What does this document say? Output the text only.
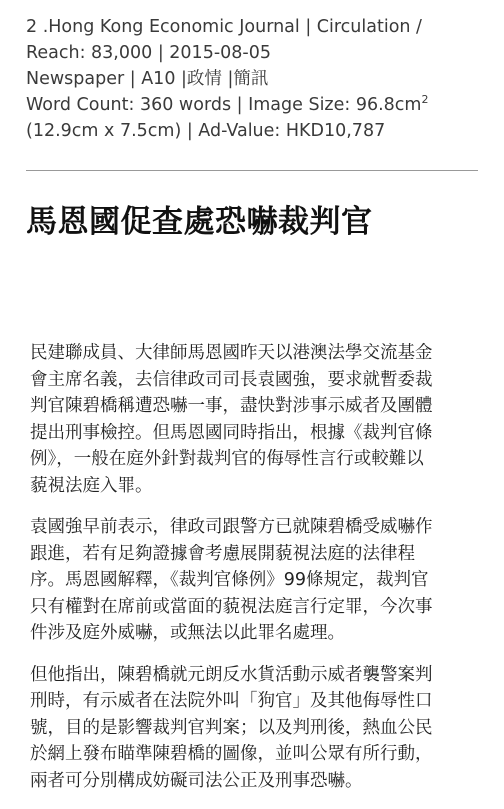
2 .Hong Kong Economic Journal | Circulation /
Reach: 83,000 | 2015-08-05
Newspaper | A10 |政情 |簡訊
Word Count: 360 words | Image Size: $96.8cm^2$
(12.9cm x 7.5cm) | Ad-Value: HKD10,787
馬恩國促查處恐嚇裁判官

民建聯成員、大律師馬恩國昨天以港澳法學交流基金
會主席名義，去信律政司司長袁國強，要求就暫委裁
判官陳碧橋稱遭恐嚇一事，盡快對涉事示威者及團體
提出刑事檢控。但馬恩國同時指出，根據《裁判官條
例》，一般在庭外針對裁判官的侮辱性言行或較難以
藐視法庭入罪。

袁國強早前表示，律政司跟警方已就陳碧橋受威嚇作
跟進，若有足夠證據會考慮展開藐視法庭的法律程
序。馬恩國解釋，《裁判官條例》99條規定，裁判官
只有權對在席前或當面的藐視法庭言行定罪，今次事
件涉及庭外威嚇，或無法以此罪名處理。

但他指出，陳碧橋就元朗反水貨活動示威者襲警案判
刑時，有示威者在法院外叫「狗官」及其他侮辱性口
號，目的是影響裁判官判案；以及判刑後，熱血公民
於網上發布瞄準陳碧橋的圖像，並叫公眾有所行動，
兩者可分別構成妨礙司法公正及刑事恐嚇。
